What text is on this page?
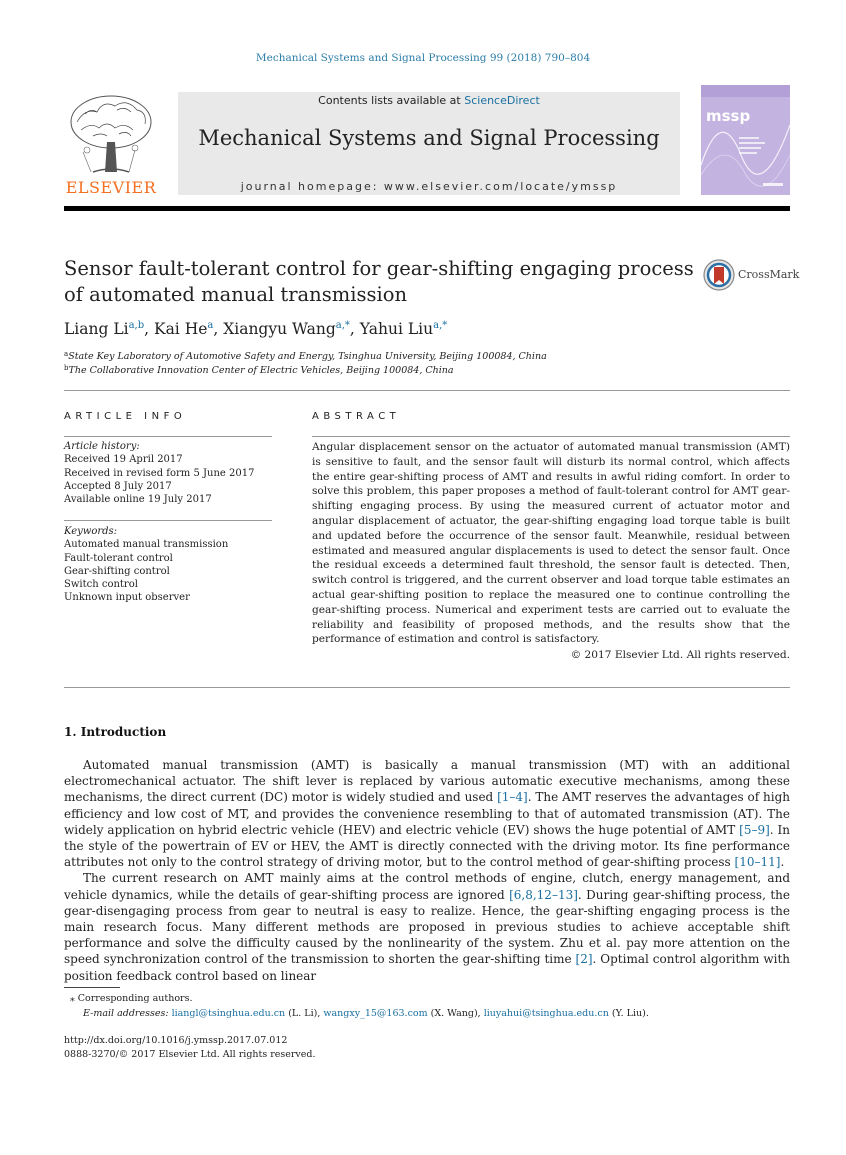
Mechanical Systems and Signal Processing 99 (2018) 790–804
ELSEVIER
Contents lists available at ScienceDirect
Mechanical Systems and Signal Processing
journal homepage: www.elsevier.com/locate/ymssp
mssp
Sensor fault-tolerant control for gear-shifting engaging process
of automated manual transmission
CrossMark
Liang Li$^{a,b}$, Kai He$^a$, Xiangyu Wang$^{a,*}$, Yahui Liu$^{a,*}$
$^a$State Key Laboratory of Automotive Safety and Energy, Tsinghua University, Beijing 100084, China
$^b$The Collaborative Innovation Center of Electric Vehicles, Beijing 100084, China
ARTICLE INFO
Article history:
Received 19 April 2017
Received in revised form 5 June 2017
Accepted 8 July 2017
Available online 19 July 2017
Keywords:
Automated manual transmission
Fault-tolerant control
Gear-shifting control
Switch control
Unknown input observer
ABSTRACT
Angular displacement sensor on the actuator of automated manual transmission (AMT) is sensitive to fault, and the sensor fault will disturb its normal control, which affects the entire gear-shifting process of AMT and results in awful riding comfort. In order to solve this problem, this paper proposes a method of fault-tolerant control for AMT gear-shifting engaging process. By using the measured current of actuator motor and angular displacement of actuator, the gear-shifting engaging load torque table is built and updated before the occurrence of the sensor fault. Meanwhile, residual between estimated and measured angular displacements is used to detect the sensor fault. Once the residual exceeds a determined fault threshold, the sensor fault is detected. Then, switch control is triggered, and the current observer and load torque table estimates an actual gear-shifting position to replace the measured one to continue controlling the gear-shifting process. Numerical and experiment tests are carried out to evaluate the reliability and feasibility of proposed methods, and the results show that the performance of estimation and control is satisfactory.
© 2017 Elsevier Ltd. All rights reserved.
1. Introduction

Automated manual transmission (AMT) is basically a manual transmission (MT) with an additional electromechanical actuator. The shift lever is replaced by various automatic executive mechanisms, among these mechanisms, the direct current (DC) motor is widely studied and used [1–4]. The AMT reserves the advantages of high efficiency and low cost of MT, and provides the convenience resembling to that of automated transmission (AT). The widely application on hybrid electric vehicle (HEV) and electric vehicle (EV) shows the huge potential of AMT [5–9]. In the style of the powertrain of EV or HEV, the AMT is directly connected with the driving motor. Its fine performance attributes not only to the control strategy of driving motor, but to the control method of gear-shifting process [10–11].

The current research on AMT mainly aims at the control methods of engine, clutch, energy management, and vehicle dynamics, while the details of gear-shifting process are ignored [6,8,12–13]. During gear-shifting process, the gear-disengaging process from gear to neutral is easy to realize. Hence, the gear-shifting engaging process is the main research focus. Many different methods are proposed in previous studies to achieve acceptable shift performance and solve the difficulty caused by the nonlinearity of the system. Zhu et al. pay more attention on the speed synchronization control of the transmission to shorten the gear-shifting time [2]. Optimal control algorithm with position feedback control based on linear

⁎ Corresponding authors.
E-mail addresses: liangl@tsinghua.edu.cn (L. Li), wangxy_15@163.com (X. Wang), liuyahui@tsinghua.edu.cn (Y. Liu).
http://dx.doi.org/10.1016/j.ymssp.2017.07.012
0888-3270/© 2017 Elsevier Ltd. All rights reserved.
